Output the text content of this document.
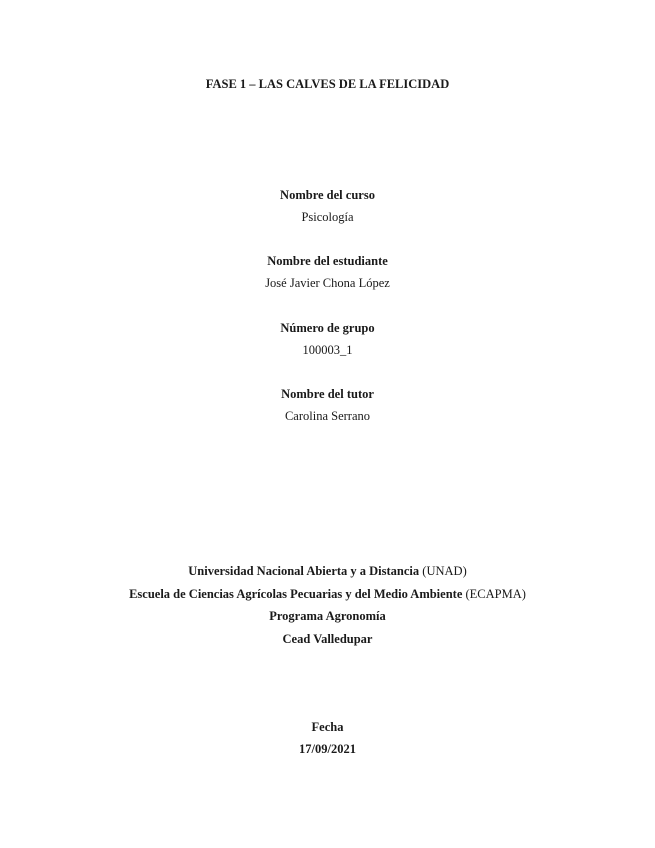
FASE 1 – LAS CALVES DE LA FELICIDAD
Nombre del curso
Psicología
Nombre del estudiante
José Javier Chona López
Número de grupo
100003_1
Nombre del tutor
Carolina Serrano
Universidad Nacional Abierta y a Distancia (UNAD)
Escuela de Ciencias Agrícolas Pecuarias y del Medio Ambiente (ECAPMA)
Programa Agronomía
Cead Valledupar
Fecha
17/09/2021
